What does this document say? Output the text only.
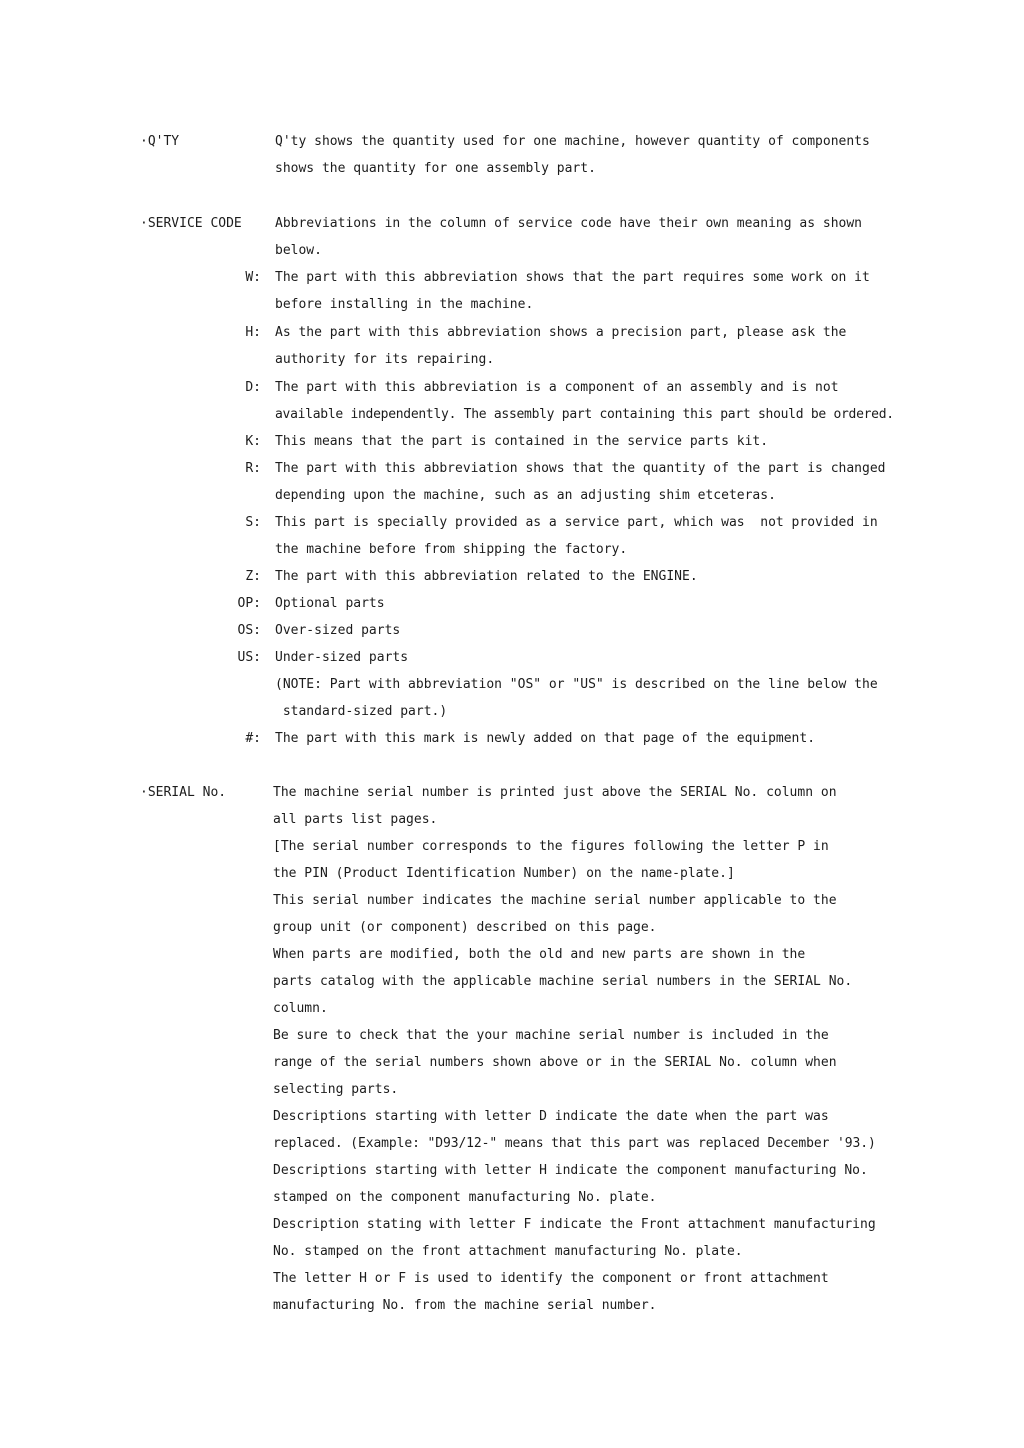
·Q'TY	Q'ty shows the quantity used for one machine, however quantity of components
shows the quantity for one assembly part.
·SERVICE CODE	Abbreviations in the column of service code have their own meaning as shown
below.
W: The part with this abbreviation shows that the part requires some work on it
before installing in the machine.
H: As the part with this abbreviation shows a precision part, please ask the
authority for its repairing.
D: The part with this abbreviation is a component of an assembly and is not
available independently. The assembly part containing this part should be ordered.
K: This means that the part is contained in the service parts kit.
R: The part with this abbreviation shows that the quantity of the part is changed
depending upon the machine, such as an adjusting shim etceteras.
S: This part is specially provided as a service part, which was  not provided in
the machine before from shipping the factory.
Z: The part with this abbreviation related to the ENGINE.
OP: Optional parts
OS: Over-sized parts
US: Under-sized parts
(NOTE: Part with abbreviation "OS" or "US" is described on the line below the
standard-sized part.)
#: The part with this mark is newly added on that page of the equipment.
·SERIAL No.	The machine serial number is printed just above the SERIAL No. column on
all parts list pages.
[The serial number corresponds to the figures following the letter P in
the PIN (Product Identification Number) on the name-plate.]
This serial number indicates the machine serial number applicable to the
group unit (or component) described on this page.
When parts are modified, both the old and new parts are shown in the
parts catalog with the applicable machine serial numbers in the SERIAL No.
column.
Be sure to check that the your machine serial number is included in the
range of the serial numbers shown above or in the SERIAL No. column when
selecting parts.
Descriptions starting with letter D indicate the date when the part was
replaced. (Example: "D93/12-" means that this part was replaced December '93.)
Descriptions starting with letter H indicate the component manufacturing No.
stamped on the component manufacturing No. plate.
Description stating with letter F indicate the Front attachment manufacturing
No. stamped on the front attachment manufacturing No. plate.
The letter H or F is used to identify the component or front attachment
manufacturing No. from the machine serial number.
